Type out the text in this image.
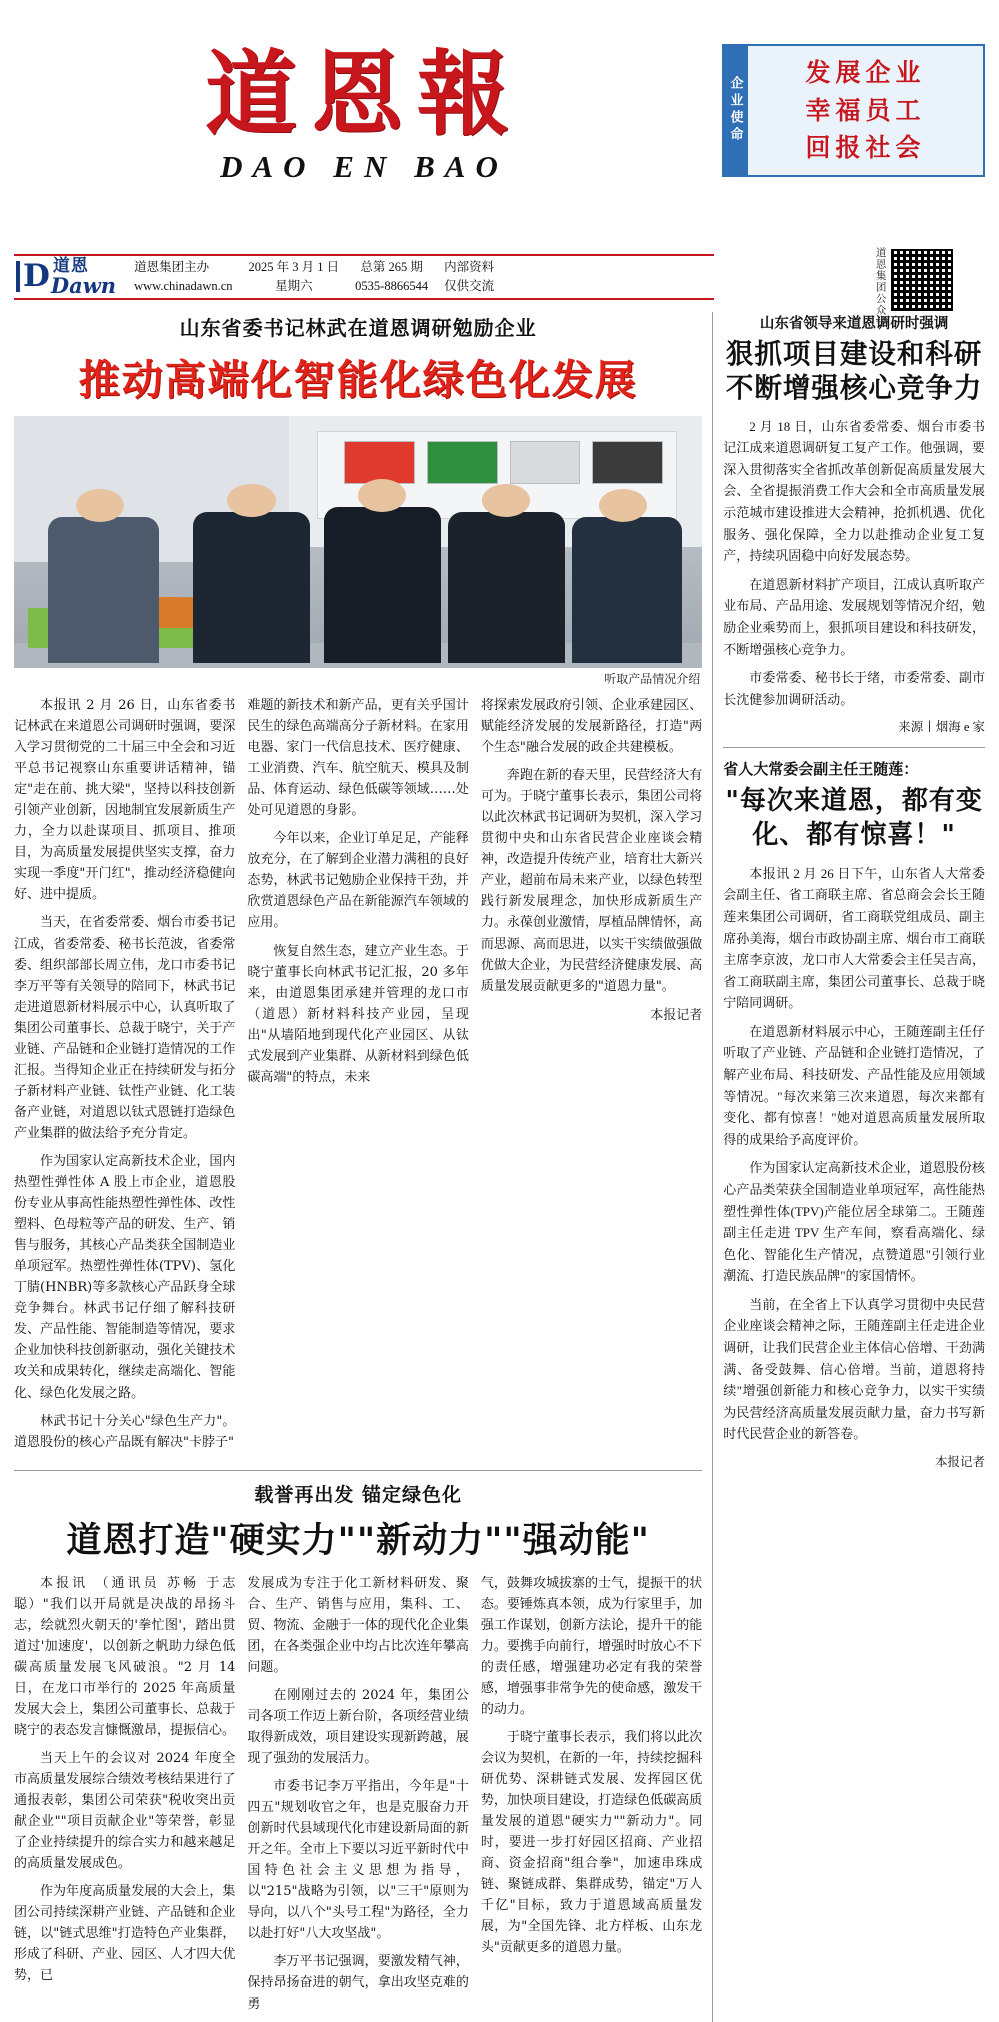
道恩報
DAO EN BAO
企业使命
发展企业
幸福员工
回报社会
D 道恩
Dawn
道恩集团主办
www.chinadawn.cn
2025 年 3 月 1 日
星期六
总第 265 期
0535-8866544
内部资料
仅供交流	道恩集团公众号
山东省委书记林武在道恩调研勉励企业
推动高端化智能化绿色化发展
听取产品情况介绍

本报讯 2 月 26 日，山东省委书记林武在来道恩公司调研时强调，要深入学习贯彻党的二十届三中全会和习近平总书记视察山东重要讲话精神，锚定"走在前、挑大梁"，坚持以科技创新引领产业创新，因地制宜发展新质生产力，全力以赴谋项目、抓项目、推项目，为高质量发展提供坚实支撑，奋力实现一季度"开门红"，推动经济稳健向好、进中提质。

当天，在省委常委、烟台市委书记江成，省委常委、秘书长范波，省委常委、组织部部长周立伟，龙口市委书记李万平等有关领导的陪同下，林武书记走进道恩新材料展示中心，认真听取了集团公司董事长、总裁于晓宁，关于产业链、产品链和企业链打造情况的工作汇报。当得知企业正在持续研发与拓分子新材料产业链、钛性产业链、化工装备产业链，对道恩以钛式恩链打造绿色产业集群的做法给予充分肯定。

作为国家认定高新技术企业，国内热塑性弹性体 A 股上市企业，道恩股份专业从事高性能热塑性弹性体、改性塑料、色母粒等产品的研发、生产、销售与服务，其核心产品类获全国制造业单项冠军。热塑性弹性体(TPV)、氢化丁腈(HNBR)等多款核心产品跃身全球竞争舞台。林武书记仔细了解科技研发、产品性能、智能制造等情况，要求企业加快科技创新驱动，强化关键技术攻关和成果转化，继续走高端化、智能化、绿色化发展之路。

林武书记十分关心"绿色生产力"。道恩股份的核心产品既有解决"卡脖子"

难题的新技术和新产品，更有关乎国计民生的绿色高端高分子新材料。在家用电器、家门一代信息技术、医疗健康、工业消费、汽车、航空航天、模具及制品、体育运动、绿色低碳等领域……处处可见道恩的身影。

今年以来，企业订单足足，产能释放充分，在了解到企业潜力满租的良好态势，林武书记勉励企业保持干劲，并欣赏道恩绿色产品在新能源汽车领域的应用。

恢复自然生态，建立产业生态。于晓宁董事长向林武书记汇报，20 多年来，由道恩集团承建并管理的龙口市（道恩）新材料科技产业园，呈现出"从墙陌地到现代化产业园区、从钛式发展到产业集群、从新材料到绿色低碳高端"的特点，未来

将探索发展政府引领、企业承建园区、赋能经济发展的发展新路径，打造"两个生态"融合发展的政企共建模板。

奔跑在新的春天里，民营经济大有可为。于晓宁董事长表示，集团公司将以此次林武书记调研为契机，深入学习贯彻中央和山东省民营企业座谈会精神，改造提升传统产业，培育壮大新兴产业，超前布局未来产业，以绿色转型践行新发展理念，加快形成新质生产力。永葆创业激情，厚植品牌情怀，高而思源、高而思进，以实干实绩做强做优做大企业，为民营经济健康发展、高质量发展贡献更多的"道恩力量"。

本报记者

载誉再出发 锚定绿色化
道恩打造"硬实力""新动力""强动能"

本报讯 （通讯员 苏畅 于志聪）"我们以开局就是决战的昂扬斗志，绘就烈火朝天的'拳忙图'，踏出贯道过'加速度'，以创新之帆助力绿色低碳高质量发展飞风破浪。"2 月 14 日，在龙口市举行的 2025 年高质量发展大会上，集团公司董事长、总裁于晓宁的表态发言慷慨激昂，提振信心。

当天上午的会议对 2024 年度全市高质量发展综合绩效考核结果进行了通报表彰，集团公司荣获"税收突出贡献企业""项目贡献企业"等荣誉，彰显了企业持续提升的综合实力和越来越足的高质量发展成色。

作为年度高质量发展的大会上，集团公司持续深耕产业链、产品链和企业链，以"链式思维"打造特色产业集群，形成了科研、产业、园区、人才四大优势，已

发展成为专注于化工新材料研发、聚合、生产、销售与应用，集科、工、贸、物流、金融于一体的现代化企业集团，在各类强企业中均占比次连年攀高问题。

在刚刚过去的 2024 年，集团公司各项工作迈上新台阶，各项经营业绩取得新成效，项目建设实现新跨越，展现了强劲的发展活力。

市委书记李万平指出，今年是"十四五"规划收官之年，也是克服奋力开创新时代县域现代化市建设新局面的新开之年。全市上下要以习近平新时代中国特色社会主义思想为指导，以"215"战略为引领，以"三干"原则为导向，以八个"头号工程"为路径，全力以赴打好"八大攻坚战"。

李万平书记强调，要激发精气神，保持昂扬奋进的朝气，拿出攻坚克难的勇

气，鼓舞攻城拔寨的士气，提振干的状态。要锤炼真本领，成为行家里手，加强工作谋划，创新方法论，提升干的能力。要携手向前行，增强时时放心不下的责任感，增强建功必定有我的荣誉感，增强事非常争先的使命感，激发干的动力。

于晓宁董事长表示，我们将以此次会议为契机，在新的一年，持续挖掘科研优势、深耕链式发展、发挥园区优势，加快项目建设，打造绿色低碳高质量发展的道恩"硬实力""新动力"。同时，要进一步打好园区招商、产业招商、资金招商"组合拳"，加速串珠成链、聚链成群、集群成势，锚定"万人千亿"目标，致力于道恩域高质量发展，为"全国先锋、北方样板、山东龙头"贡献更多的道恩力量。

山东省领导来道恩调研时强调
狠抓项目建设和科研不断增强核心竞争力

2 月 18 日，山东省委常委、烟台市委书记江成来道恩调研复工复产工作。他强调，要深入贯彻落实全省抓改革创新促高质量发展大会、全省提振消费工作大会和全市高质量发展示范城市建设推进大会精神，抢抓机遇、优化服务、强化保障，全力以赴推动企业复工复产，持续巩固稳中向好发展态势。

在道恩新材料扩产项目，江成认真听取产业布局、产品用途、发展规划等情况介绍，勉励企业乘势而上，狠抓项目建设和科技研发，不断增强核心竞争力。

市委常委、秘书长于绪，市委常委、副市长沈健参加调研活动。

来源丨烟海 e 家
省人大常委会副主任王随莲：
"每次来道恩，都有变化、都有惊喜！"

本报讯 2 月 26 日下午，山东省人大常委会副主任、省工商联主席、省总商会会长王随莲来集团公司调研，省工商联党组成员、副主席孙美海，烟台市政协副主席、烟台市工商联主席李京波，龙口市人大常委会主任吴吉高，省工商联副主席，集团公司董事长、总裁于晓宁陪同调研。

在道恩新材料展示中心，王随莲副主任仔听取了产业链、产品链和企业链打造情况，了解产业布局、科技研发、产品性能及应用领域等情况。"每次来第三次来道恩，每次来都有变化、都有惊喜！"她对道恩高质量发展所取得的成果给予高度评价。

作为国家认定高新技术企业，道恩股份核心产品类荣获全国制造业单项冠军，高性能热塑性弹性体(TPV)产能位居全球第二。王随莲副主任走进 TPV 生产车间，察看高端化、绿色化、智能化生产情况，点赞道恩"引领行业潮流、打造民族品牌"的家国情怀。

当前，在全省上下认真学习贯彻中央民营企业座谈会精神之际，王随莲副主任走进企业调研，让我们民营企业主体信心倍增、干劲满满、备受鼓舞、信心倍增。当前，道恩将持续"增强创新能力和核心竞争力，以实干实绩为民营经济高质量发展贡献力量，奋力书写新时代民营企业的新答卷。

本报记者
